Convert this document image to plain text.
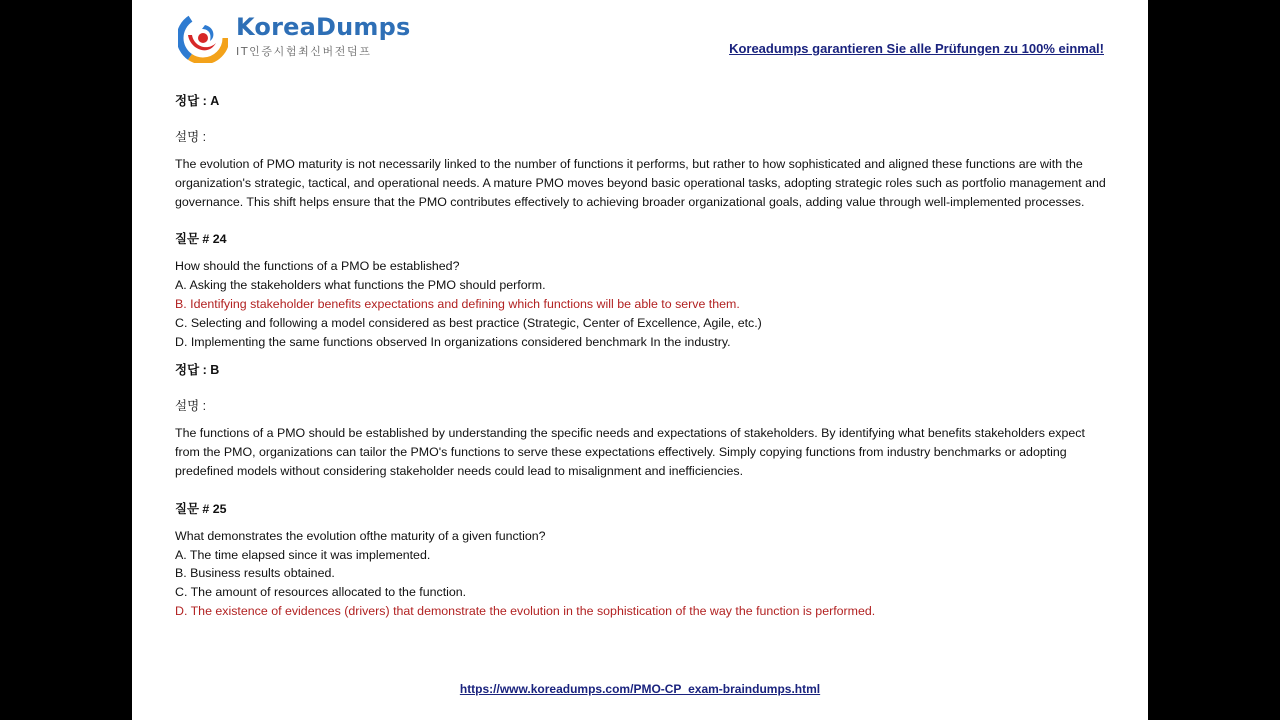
KoreaDumps
IT인증시험최신버전덤프	Koreadumps garantieren Sie alle Prüfungen zu 100% einmal!
정답 : A
설명 :
The evolution of PMO maturity is not necessarily linked to the number of functions it performs, but rather to how sophisticated and aligned these functions are with the organization's strategic, tactical, and operational needs. A mature PMO moves beyond basic operational tasks, adopting strategic roles such as portfolio management and governance. This shift helps ensure that the PMO contributes effectively to achieving broader organizational goals, adding value through well-implemented processes.
질문 # 24
How should the functions of a PMO be established?
A. Asking the stakeholders what functions the PMO should perform.
B. Identifying stakeholder benefits expectations and defining which functions will be able to serve them.
C. Selecting and following a model considered as best practice (Strategic, Center of Excellence, Agile, etc.)
D. Implementing the same functions observed In organizations considered benchmark In the industry.
정답 : B
설명 :
The functions of a PMO should be established by understanding the specific needs and expectations of stakeholders. By identifying what benefits stakeholders expect from the PMO, organizations can tailor the PMO's functions to serve these expectations effectively. Simply copying functions from industry benchmarks or adopting predefined models without considering stakeholder needs could lead to misalignment and inefficiencies.
질문 # 25
What demonstrates the evolution ofthe maturity of a given function?
A. The time elapsed since it was implemented.
B. Business results obtained.
C. The amount of resources allocated to the function.
D. The existence of evidences (drivers) that demonstrate the evolution in the sophistication of the way the function is performed.
https://www.koreadumps.com/PMO-CP_exam-braindumps.html
